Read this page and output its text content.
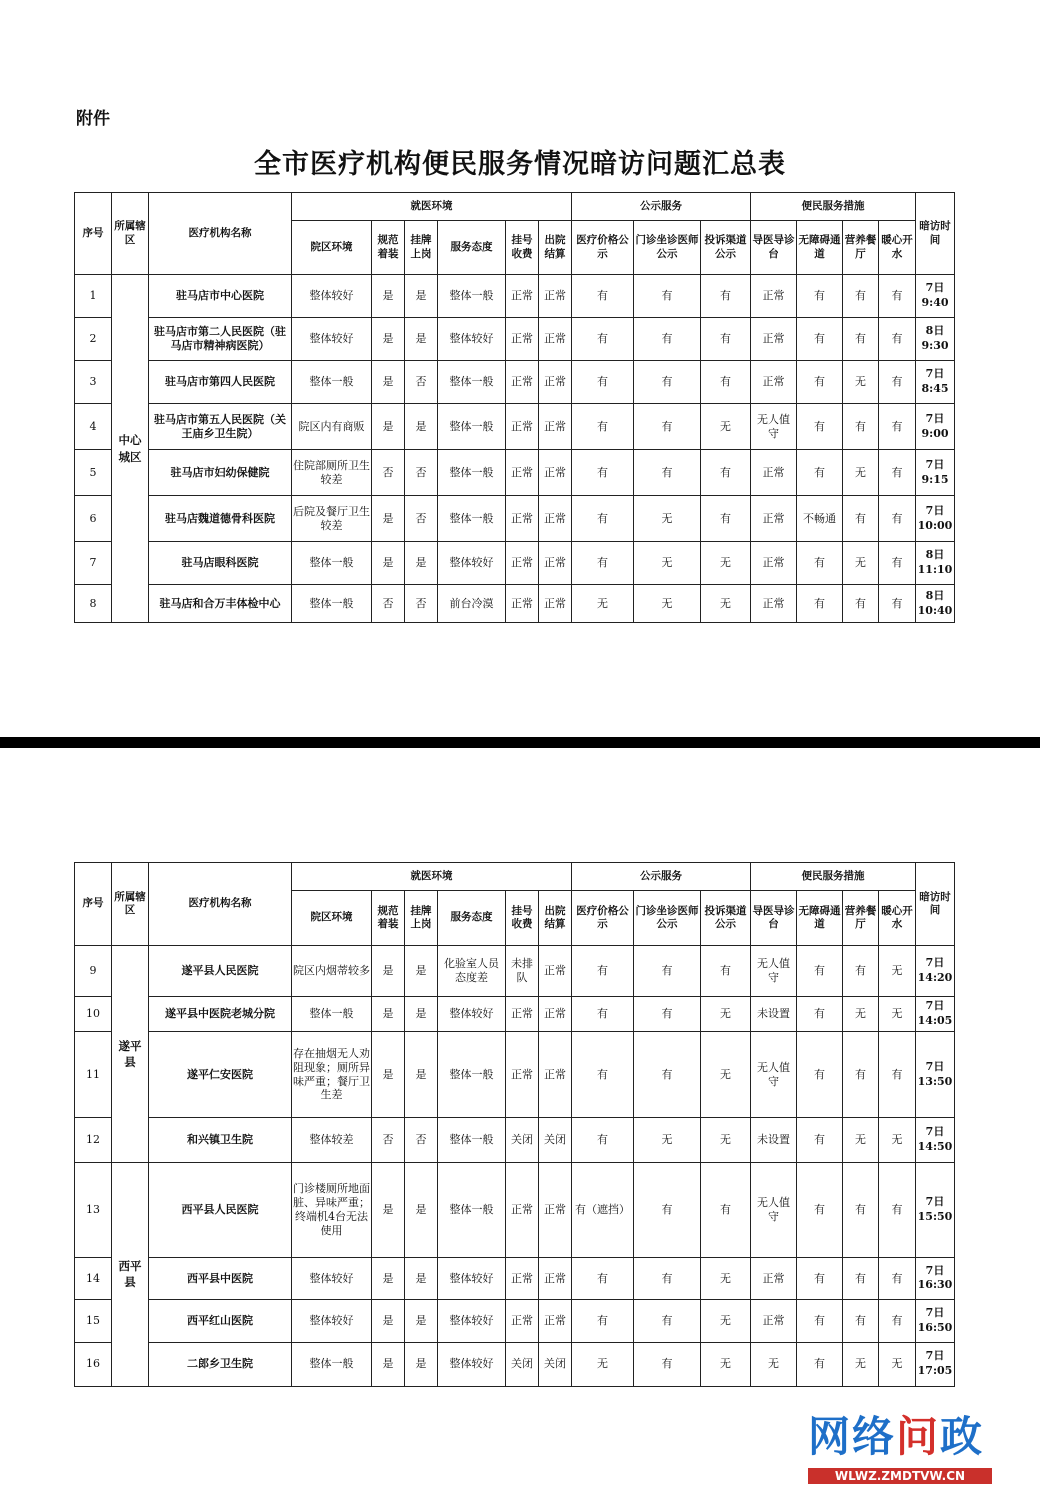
附件
全市医疗机构便民服务情况暗访问题汇总表
序号	所属辖区	医疗机构名称	就医环境						公示服务			便民服务措施				暗访时间
			院区环境	规范着装	挂牌上岗	服务态度	挂号收费	出院结算	医疗价格公示	门诊坐诊医师公示	投诉渠道公示	导医导诊台	无障碍通道	营养餐厅	暖心开水	
1	中心城区	驻马店市中心医院	整体较好	是	是	整体一般	正常	正常	有	有	有	正常	有	有	有	7日 9:40
2		驻马店市第二人民医院（驻马店市精神病医院）	整体较好	是	是	整体较好	正常	正常	有	有	有	正常	有	有	有	8日 9:30
3		驻马店市第四人民医院	整体一般	是	否	整体一般	正常	正常	有	有	有	正常	有	无	有	7日 8:45
4		驻马店市第五人民医院（关王庙乡卫生院）	院区内有商贩	是	是	整体一般	正常	正常	有	有	无	无人值守	有	有	有	7日 9:00
5		驻马店市妇幼保健院	住院部厕所卫生较差	否	否	整体一般	正常	正常	有	有	有	正常	有	无	有	7日 9:15
6		驻马店魏道德骨科医院	后院及餐厅卫生较差	是	否	整体一般	正常	正常	有	无	有	正常	不畅通	有	有	7日 10:00
7		驻马店眼科医院	整体一般	是	是	整体较好	正常	正常	有	无	无	正常	有	无	有	8日 11:10
8		驻马店和合万丰体检中心	整体一般	否	否	前台冷漠	正常	正常	无	无	无	正常	有	有	有	8日 10:40
序号	所属辖区	医疗机构名称	就医环境						公示服务			便民服务措施				暗访时间
			院区环境	规范着装	挂牌上岗	服务态度	挂号收费	出院结算	医疗价格公示	门诊坐诊医师公示	投诉渠道公示	导医导诊台	无障碍通道	营养餐厅	暖心开水	
9	遂平县	遂平县人民医院	院区内烟蒂较多	是	是	化验室人员态度差	未排队	正常	有	有	有	无人值守	有	有	无	7日 14:20
10		遂平县中医院老城分院	整体一般	是	是	整体较好	正常	正常	有	有	无	未设置	有	无	无	7日 14:05
11		遂平仁安医院	存在抽烟无人劝阻现象；厕所异味严重；餐厅卫生差	是	是	整体一般	正常	正常	有	有	无	无人值守	有	有	有	7日 13:50
12		和兴镇卫生院	整体较差	否	否	整体一般	关闭	关闭	有	无	无	未设置	有	无	无	7日 14:50
13	西平县	西平县人民医院	门诊楼厕所地面脏、异味严重；终端机4台无法使用	是	是	整体一般	正常	正常	有（遮挡）	有	有	无人值守	有	有	有	7日 15:50
14		西平县中医院	整体较好	是	是	整体较好	正常	正常	有	有	无	正常	有	有	有	7日 16:30
15		西平红山医院	整体较好	是	是	整体较好	正常	正常	有	有	无	正常	有	有	有	7日 16:50
16		二郎乡卫生院	整体一般	是	是	整体较好	关闭	关闭	无	有	无	无	有	无	无	7日 17:05
网络问政
WLWZ.ZMDTVW.CN
